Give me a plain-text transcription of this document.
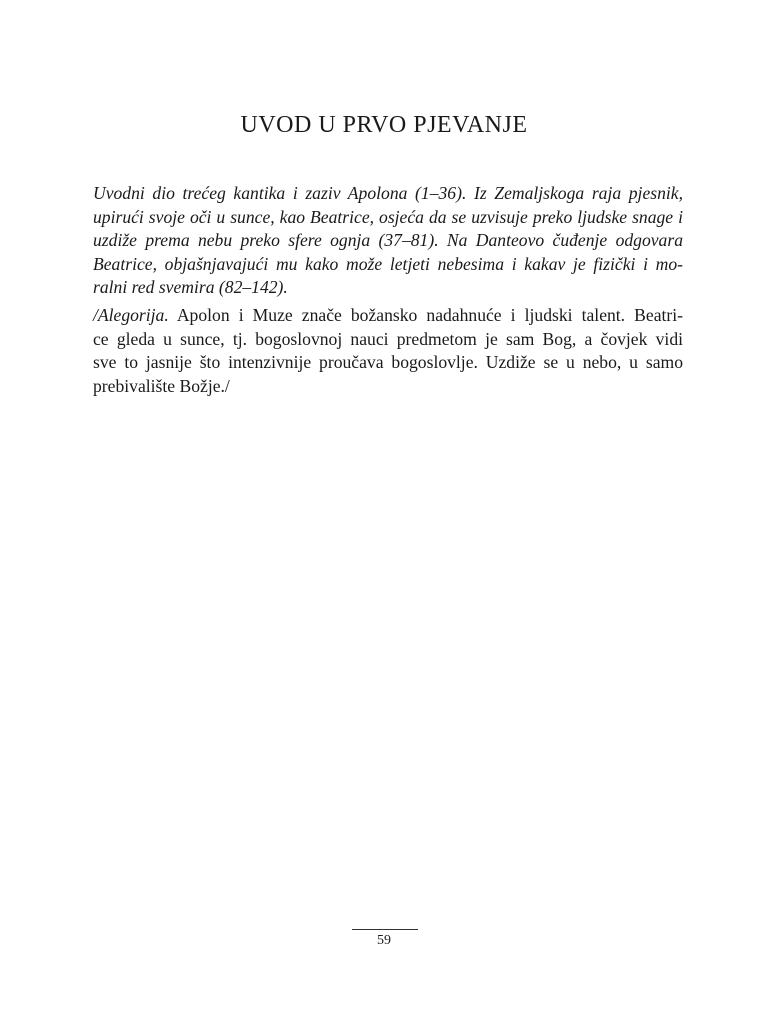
UVOD U PRVO PJEVANJE
Uvodni dio trećeg kantika i zaziv Apolona (1–36). Iz Zemaljskoga raja pjesnik,
upirući svoje oči u sunce, kao Beatrice, osjeća da se uzvisuje preko ljudske snage i
uzdiže prema nebu preko sfere ognja (37–81). Na Danteovo čuđenje odgovara
Beatrice, objašnjavajući mu kako može letjeti nebesima i kakav je fizički i mo-
ralni red svemira (82–142).
/Alegorija. Apolon i Muze znače božansko nadahnuće i ljudski talent. Beatri-
ce gleda u sunce, tj. bogoslovnoj nauci predmetom je sam Bog, a čovjek vidi
sve to jasnije što intenzivnije proučava bogoslovlje. Uzdiže se u nebo, u samo
prebivalište Božje./
59
